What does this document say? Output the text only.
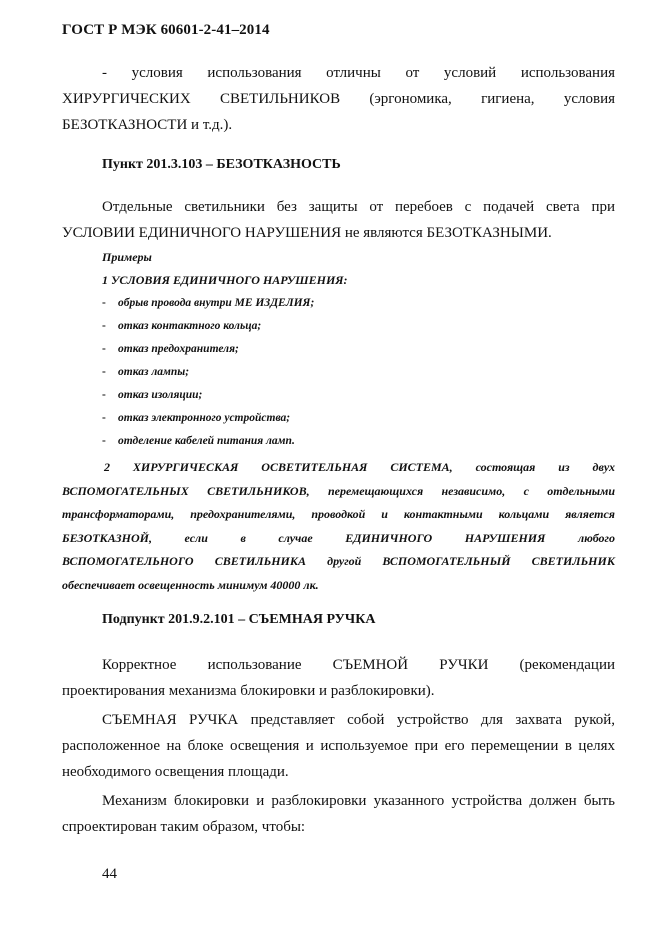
ГОСТ Р МЭК 60601-2-41–2014
- условия использования отличны от условий использования
ХИРУРГИЧЕСКИХ СВЕТИЛЬНИКОВ (эргономика, гигиена, условия
БЕЗОТКАЗНОСТИ и т.д.).
Пункт 201.3.103 – БЕЗОТКАЗНОСТЬ
Отдельные светильники без защиты от перебоев с подачей света при
УСЛОВИИ ЕДИНИЧНОГО НАРУШЕНИЯ не являются БЕЗОТКАЗНЫМИ.
Примеры
1 УСЛОВИЯ ЕДИНИЧНОГО НАРУШЕНИЯ:
- обрыв провода внутри МЕ ИЗДЕЛИЯ;
- отказ контактного кольца;
- отказ предохранителя;
- отказ лампы;
- отказ изоляции;
- отказ электронного устройства;
- отделение кабелей питания ламп.
2 ХИРУРГИЧЕСКАЯ ОСВЕТИТЕЛЬНАЯ СИСТЕМА, состоящая из двух
ВСПОМОГАТЕЛЬНЫХ СВЕТИЛЬНИКОВ, перемещающихся независимо, с отдельными
трансформаторами, предохранителями, проводкой и контактными кольцами является
БЕЗОТКАЗНОЙ, если в случае ЕДИНИЧНОГО НАРУШЕНИЯ любого
ВСПОМОГАТЕЛЬНОГО СВЕТИЛЬНИКА другой ВСПОМОГАТЕЛЬНЫЙ СВЕТИЛЬНИК
обеспечивает освещенность минимум 40000 лк.
Подпункт 201.9.2.101 – СЪЕМНАЯ РУЧКА
Корректное использование СЪЕМНОЙ РУЧКИ (рекомендации
проектирования механизма блокировки и разблокировки).
СЪЕМНАЯ РУЧКА представляет собой устройство для захвата рукой,
расположенное на блоке освещения и используемое при его перемещении в целях
необходимого освещения площади.
Механизм блокировки и разблокировки указанного устройства должен быть
спроектирован таким образом, чтобы:
44
